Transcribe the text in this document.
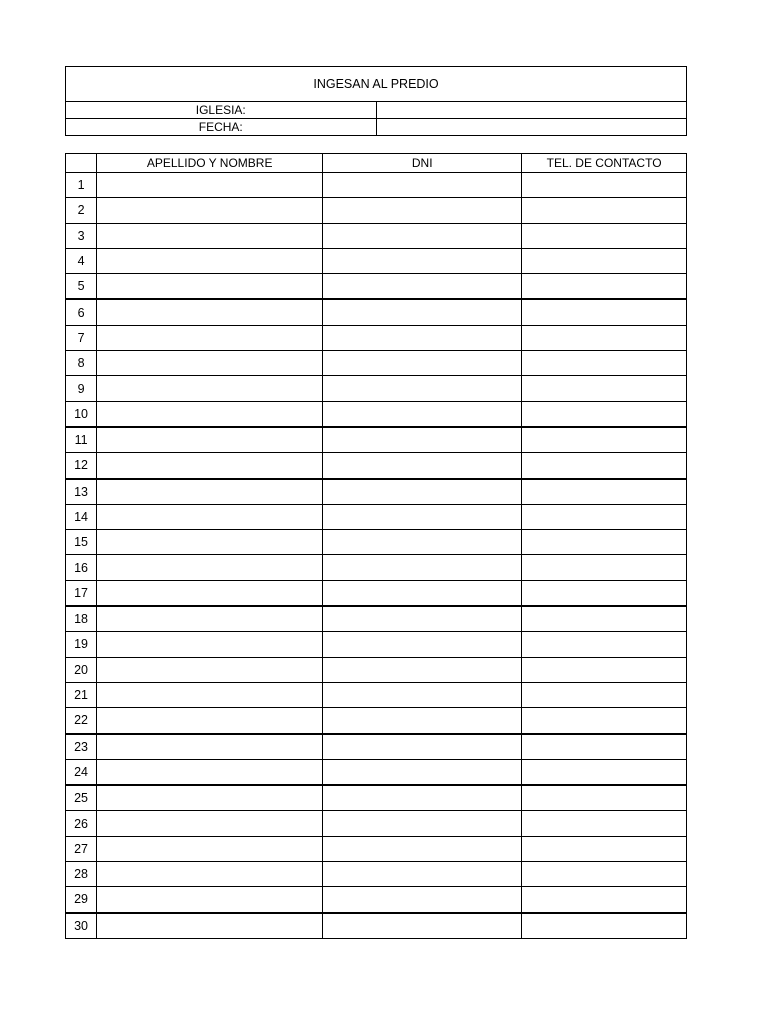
INGESAN AL PREDIO	
IGLESIA:	
FECHA:	
	APELLIDO Y NOMBRE	DNI	TEL. DE CONTACTO
1			
2			
3			
4			
5			
6			
7			
8			
9			
10			
11			
12			
13			
14			
15			
16			
17			
18			
19			
20			
21			
22			
23			
24			
25			
26			
27			
28			
29			
30			
